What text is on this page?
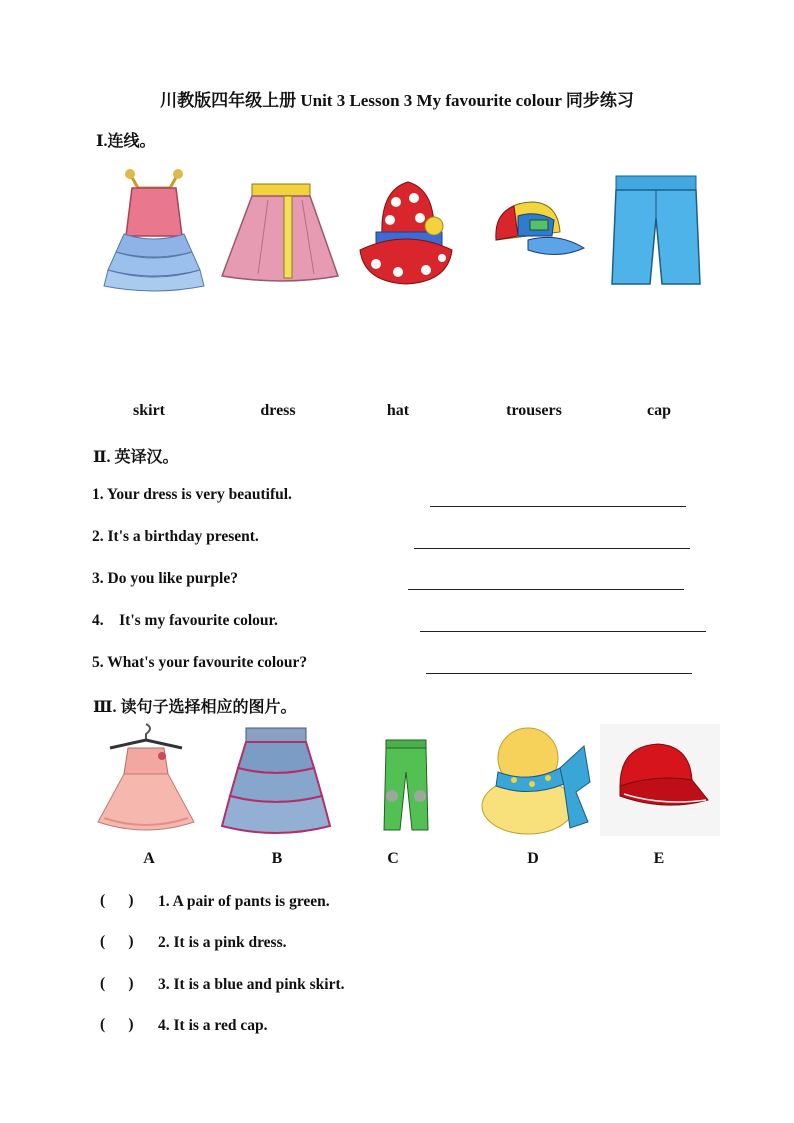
川教版四年级上册 Unit 3 Lesson 3 My favourite colour 同步练习
Ⅰ.连线。
skirt	dress	hat	trousers	cap
Ⅱ. 英译汉。
1. Your dress is very beautiful.
2. It's a birthday present.
3. Do you like purple?
4.    It's my favourite colour.
5. What's your favourite colour?
Ⅲ. 读句子选择相应的图片。
A	B	C	D	E
(      ) 1. A pair of pants is green.
(      ) 2. It is a pink dress.
(      ) 3. It is a blue and pink skirt.
(      ) 4. It is a red cap.
